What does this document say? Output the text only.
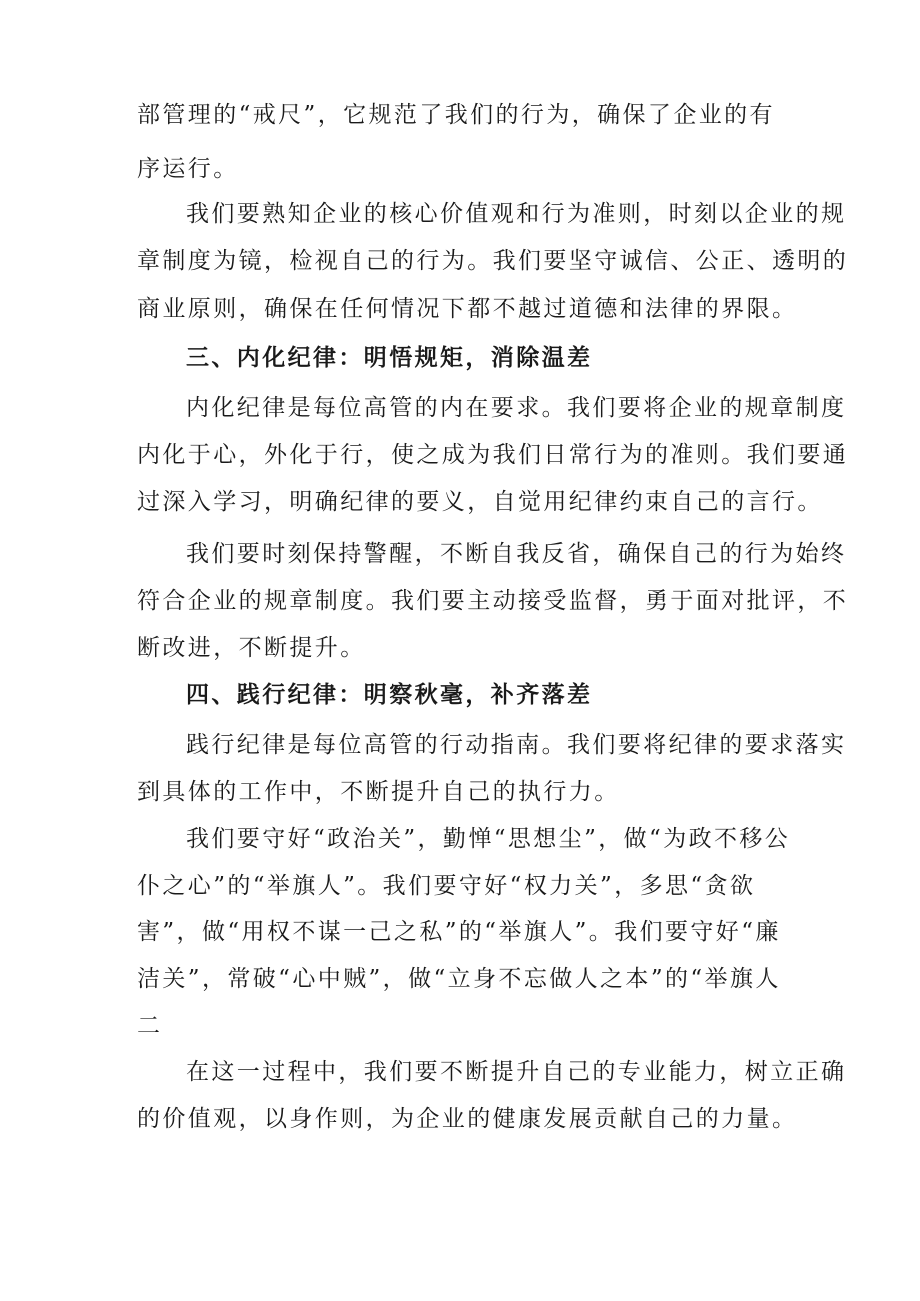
部管理的“戒尺”，它规范了我们的行为，确保了企业的有
序运行。
我们要熟知企业的核心价值观和行为准则，时刻以企业的规
章制度为镜，检视自己的行为。我们要坚守诚信、公正、透明的
商业原则，确保在任何情况下都不越过道德和法律的界限。
三、内化纪律：明悟规矩，消除温差
内化纪律是每位高管的内在要求。我们要将企业的规章制度
内化于心，外化于行，使之成为我们日常行为的准则。我们要通
过深入学习，明确纪律的要义，自觉用纪律约束自己的言行。
我们要时刻保持警醒，不断自我反省，确保自己的行为始终
符合企业的规章制度。我们要主动接受监督，勇于面对批评，不
断改进，不断提升。
四、践行纪律：明察秋毫，补齐落差
践行纪律是每位高管的行动指南。我们要将纪律的要求落实
到具体的工作中，不断提升自己的执行力。
我们要守好“政治关”，勤惮“思想尘”，做“为政不移公
仆之心”的“举旗人”。我们要守好“权力关”，多思“贪欲
害”，做“用权不谋一己之私”的“举旗人”。我们要守好“廉
洁关”，常破“心中贼”，做“立身不忘做人之本”的“举旗人
二
在这一过程中，我们要不断提升自己的专业能力，树立正确
的价值观，以身作则，为企业的健康发展贡献自己的力量。
